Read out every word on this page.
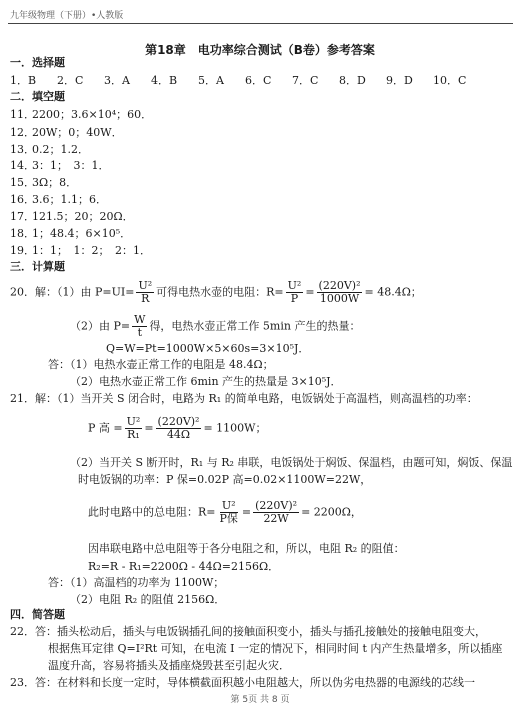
九年级物理（下册）•人教版
第18章　电功率综合测试（B卷）参考答案
一．选择题
1．B 2．C 3．A 4．B 5．A 6．C 7．C 8．D 9．D 10．C
二．填空题
11．2200；3.6×10⁴；60．
12．20W；0；40W．
13．0.2；1.2．
14．3：1；　3：1．
15．3Ω；8．
16．3.6；1.1；6．
17．121.5；20；20Ω．
18．1；48.4；6×10⁵．
19．1：1；　1：2；　2：1．
三．计算题
20．解：（1）由 $P=UI= \frac{\text{U²}}{R}$ 可得电热水壶的电阻：$R= \frac{\text{U²}}{P} = \frac{\text{(220V)²}}{1000W} = 48.4\Omega$；
（2）由 $P= \frac{W}{t}$ 得，电热水壶正常工作 5min 产生的热量：
Q=W=Pt=1000W×5×60s=3×10⁵J．
答：（1）电热水壶正常工作的电阻是 48.4Ω；
（2）电热水壶正常工作 6min 产生的热量是 3×10⁵J．
21．解：（1）当开关 S 闭合时，电路为 R₁ 的简单电路，电饭锅处于高温档，则高温档的功率：
P 高 = $\frac{\text{U²}}{\text{R₁}} = \frac{\text{(220V)²}}{44\Omega} = 1100W$；
（2）当开关 S 断开时，R₁ 与 R₂ 串联，电饭锅处于焖饭、保温档，由题可知，焖饭、保温
时电饭锅的功率：P 保=0.02P 高=0.02×1100W=22W，
此时电路中的总电阻：$R= \frac{\text{U²}}{\text{P保}} = \frac{\text{(220V)²}}{22W} = 2200\Omega$，
因串联电路中总电阻等于各分电阻之和，所以，电阻 R₂ 的阻值：
R₂=R - R₁=2200Ω - 44Ω=2156Ω．
答：（1）高温档的功率为 1100W；
（2）电阻 R₂ 的阻值 2156Ω．
四．简答题
22．答：插头松动后，插头与电饭锅插孔间的接触面积变小，插头与插孔接触处的接触电阻变大，
根据焦耳定律 Q=I²Rt 可知，在电流 I 一定的情况下，相同时间 t 内产生热量增多，所以插座
温度升高，容易将插头及插座烧毁甚至引起火灾．
23．答：在材料和长度一定时，导体横截面积越小电阻越大，所以伪劣电热器的电源线的芯线一
第 5页 共 8 页
